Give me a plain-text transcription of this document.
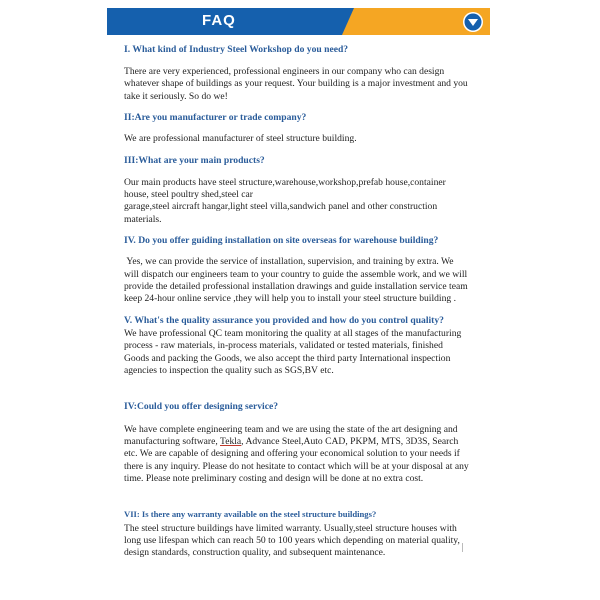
FAQ

I. What kind of Industry Steel Workshop do you need?

There are very experienced, professional engineers in our company who can design whatever shape of buildings as your request. Your building is a major investment and you take it seriously. So do we!

II:Are you manufacturer or trade company?

We are professional manufacturer of steel structure building.

III:What are your main products?

Our main products have steel structure,warehouse,workshop,prefab house,container house, steel poultry shed,steel car

garage,steel aircraft hangar,light steel villa,sandwich panel and other construction materials.

IV. Do you offer guiding installation on site overseas for warehouse building?

Yes, we can provide the service of installation, supervision, and training by extra. We will dispatch our engineers team to your country to guide the assemble work, and we will provide the detailed professional installation drawings and guide installation service team keep 24-hour online service ,they will help you to install your steel structure building .

V. What's the quality assurance you provided and how do you control quality?

We have professional QC team monitoring the quality at all stages of the manufacturing process - raw materials, in-process materials, validated or tested materials, finished Goods and packing the Goods, we also accept the third party International inspection agencies to inspection the quality such as SGS,BV etc.

IV:Could you offer designing service?

We have complete engineering team and we are using the state of the art designing and manufacturing software, Tekla, Advance Steel,Auto CAD, PKPM, MTS, 3D3S, Search etc. We are capable of designing and offering your economical solution to your needs if there is any inquiry. Please do not hesitate to contact which will be at your disposal at any time. Please note preliminary costing and design will be done at no extra cost.

VII: Is there any warranty available on the steel structure buildings?

The steel structure buildings have limited warranty. Usually,steel structure houses with long use lifespan which can reach 50 to 100 years which depending on material quality, design standards, construction quality, and subsequent maintenance.
